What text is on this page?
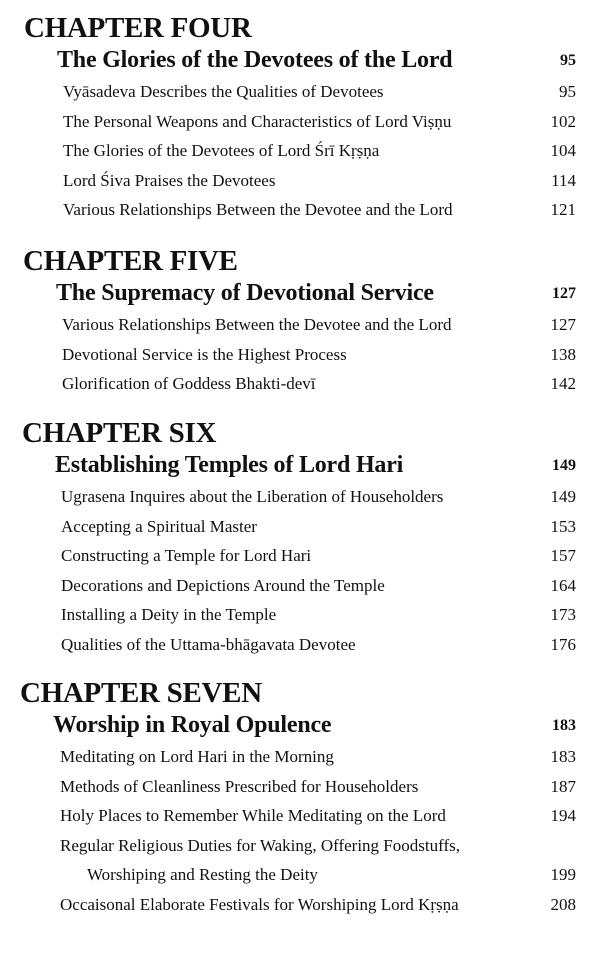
CHAPTER FOUR
The Glories of the Devotees of the Lord	95
Vyāsadeva Describes the Qualities of Devotees	95
The Personal Weapons and Characteristics of Lord Viṣṇu	102
The Glories of the Devotees of Lord Śrī Kṛṣṇa	104
Lord Śiva Praises the Devotees	114
Various Relationships Between the Devotee and the Lord	121
CHAPTER FIVE
The Supremacy of Devotional Service	127
Various Relationships Between the Devotee and the Lord	127
Devotional Service is the Highest Process	138
Glorification of Goddess Bhakti-devī	142
CHAPTER SIX
Establishing Temples of Lord Hari	149
Ugrasena Inquires about the Liberation of Householders	149
Accepting a Spiritual Master	153
Constructing a Temple for Lord Hari	157
Decorations and Depictions Around the Temple	164
Installing a Deity in the Temple	173
Qualities of the Uttama-bhāgavata Devotee	176
CHAPTER SEVEN
Worship in Royal Opulence	183
Meditating on Lord Hari in the Morning	183
Methods of Cleanliness Prescribed for Householders	187
Holy Places to Remember While Meditating on the Lord	194
Regular Religious Duties for Waking, Offering Foodstuffs,
Worshiping and Resting the Deity	199
Occaisonal Elaborate Festivals for Worshiping Lord Kṛṣṇa	208
